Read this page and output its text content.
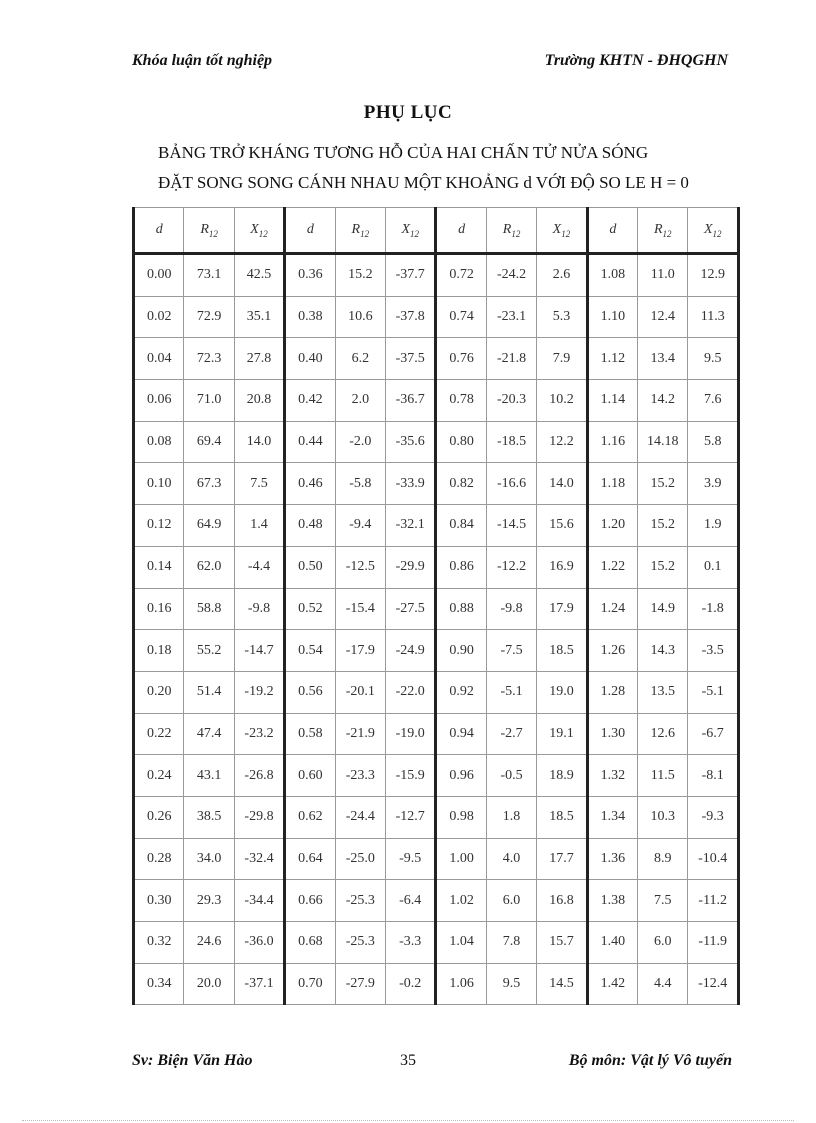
Khóa luận tốt nghiệp	Trường KHTN - ĐHQGHN
PHỤ LỤC
BẢNG TRỞ KHÁNG TƯƠNG HỖ CỦA HAI CHẤN TỬ NỬA SÓNG
ĐẶT SONG SONG CÁNH NHAU MỘT KHOẢNG d VỚI ĐỘ SO LE H = 0
d	$R_{12}$	$X_{12}$	d	$R_{12}$	$X_{12}$	d	$R_{12}$	$X_{12}$	d	$R_{12}$	$X_{12}$
0.00	73.1	42.5	0.36	15.2	-37.7	0.72	-24.2	2.6	1.08	11.0	12.9
0.02	72.9	35.1	0.38	10.6	-37.8	0.74	-23.1	5.3	1.10	12.4	11.3
0.04	72.3	27.8	0.40	6.2	-37.5	0.76	-21.8	7.9	1.12	13.4	9.5
0.06	71.0	20.8	0.42	2.0	-36.7	0.78	-20.3	10.2	1.14	14.2	7.6
0.08	69.4	14.0	0.44	-2.0	-35.6	0.80	-18.5	12.2	1.16	14.18	5.8
0.10	67.3	7.5	0.46	-5.8	-33.9	0.82	-16.6	14.0	1.18	15.2	3.9
0.12	64.9	1.4	0.48	-9.4	-32.1	0.84	-14.5	15.6	1.20	15.2	1.9
0.14	62.0	-4.4	0.50	-12.5	-29.9	0.86	-12.2	16.9	1.22	15.2	0.1
0.16	58.8	-9.8	0.52	-15.4	-27.5	0.88	-9.8	17.9	1.24	14.9	-1.8
0.18	55.2	-14.7	0.54	-17.9	-24.9	0.90	-7.5	18.5	1.26	14.3	-3.5
0.20	51.4	-19.2	0.56	-20.1	-22.0	0.92	-5.1	19.0	1.28	13.5	-5.1
0.22	47.4	-23.2	0.58	-21.9	-19.0	0.94	-2.7	19.1	1.30	12.6	-6.7
0.24	43.1	-26.8	0.60	-23.3	-15.9	0.96	-0.5	18.9	1.32	11.5	-8.1
0.26	38.5	-29.8	0.62	-24.4	-12.7	0.98	1.8	18.5	1.34	10.3	-9.3
0.28	34.0	-32.4	0.64	-25.0	-9.5	1.00	4.0	17.7	1.36	8.9	-10.4
0.30	29.3	-34.4	0.66	-25.3	-6.4	1.02	6.0	16.8	1.38	7.5	-11.2
0.32	24.6	-36.0	0.68	-25.3	-3.3	1.04	7.8	15.7	1.40	6.0	-11.9
0.34	20.0	-37.1	0.70	-27.9	-0.2	1.06	9.5	14.5	1.42	4.4	-12.4
Sv: Biện Văn Hào	35	Bộ môn: Vật lý Vô tuyến
